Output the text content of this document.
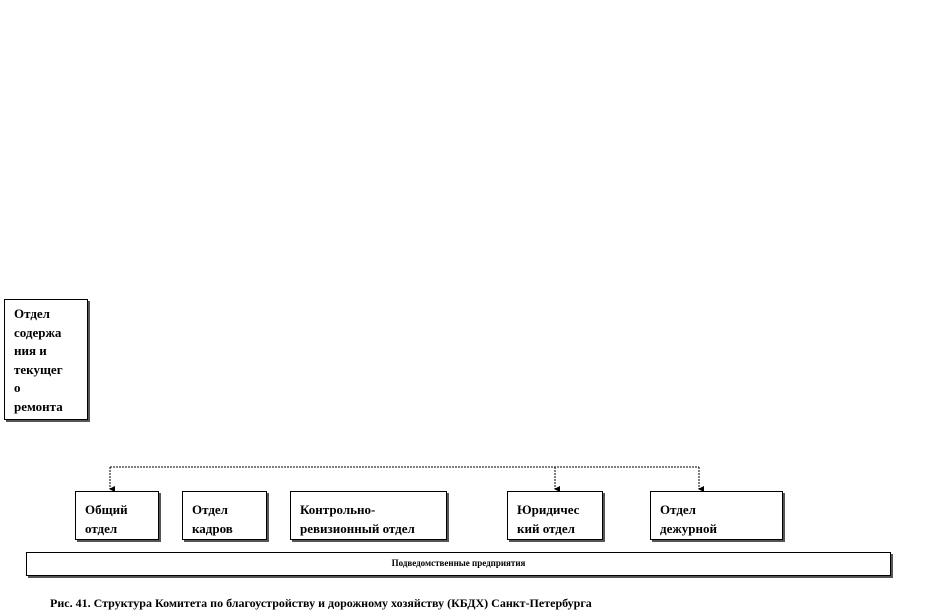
Отдел
содержа
ния и
текущег
о
ремонта
Общий
отдел
Отдел
кадров
Контрольно-
ревизионный отдел
Юридичес
кий отдел
Отдел
дежурной
Подведомственные предприятия
Рис. 41. Структура Комитета по благоустройству и дорожному хозяйству (КБДХ) Санкт-Петербурга
